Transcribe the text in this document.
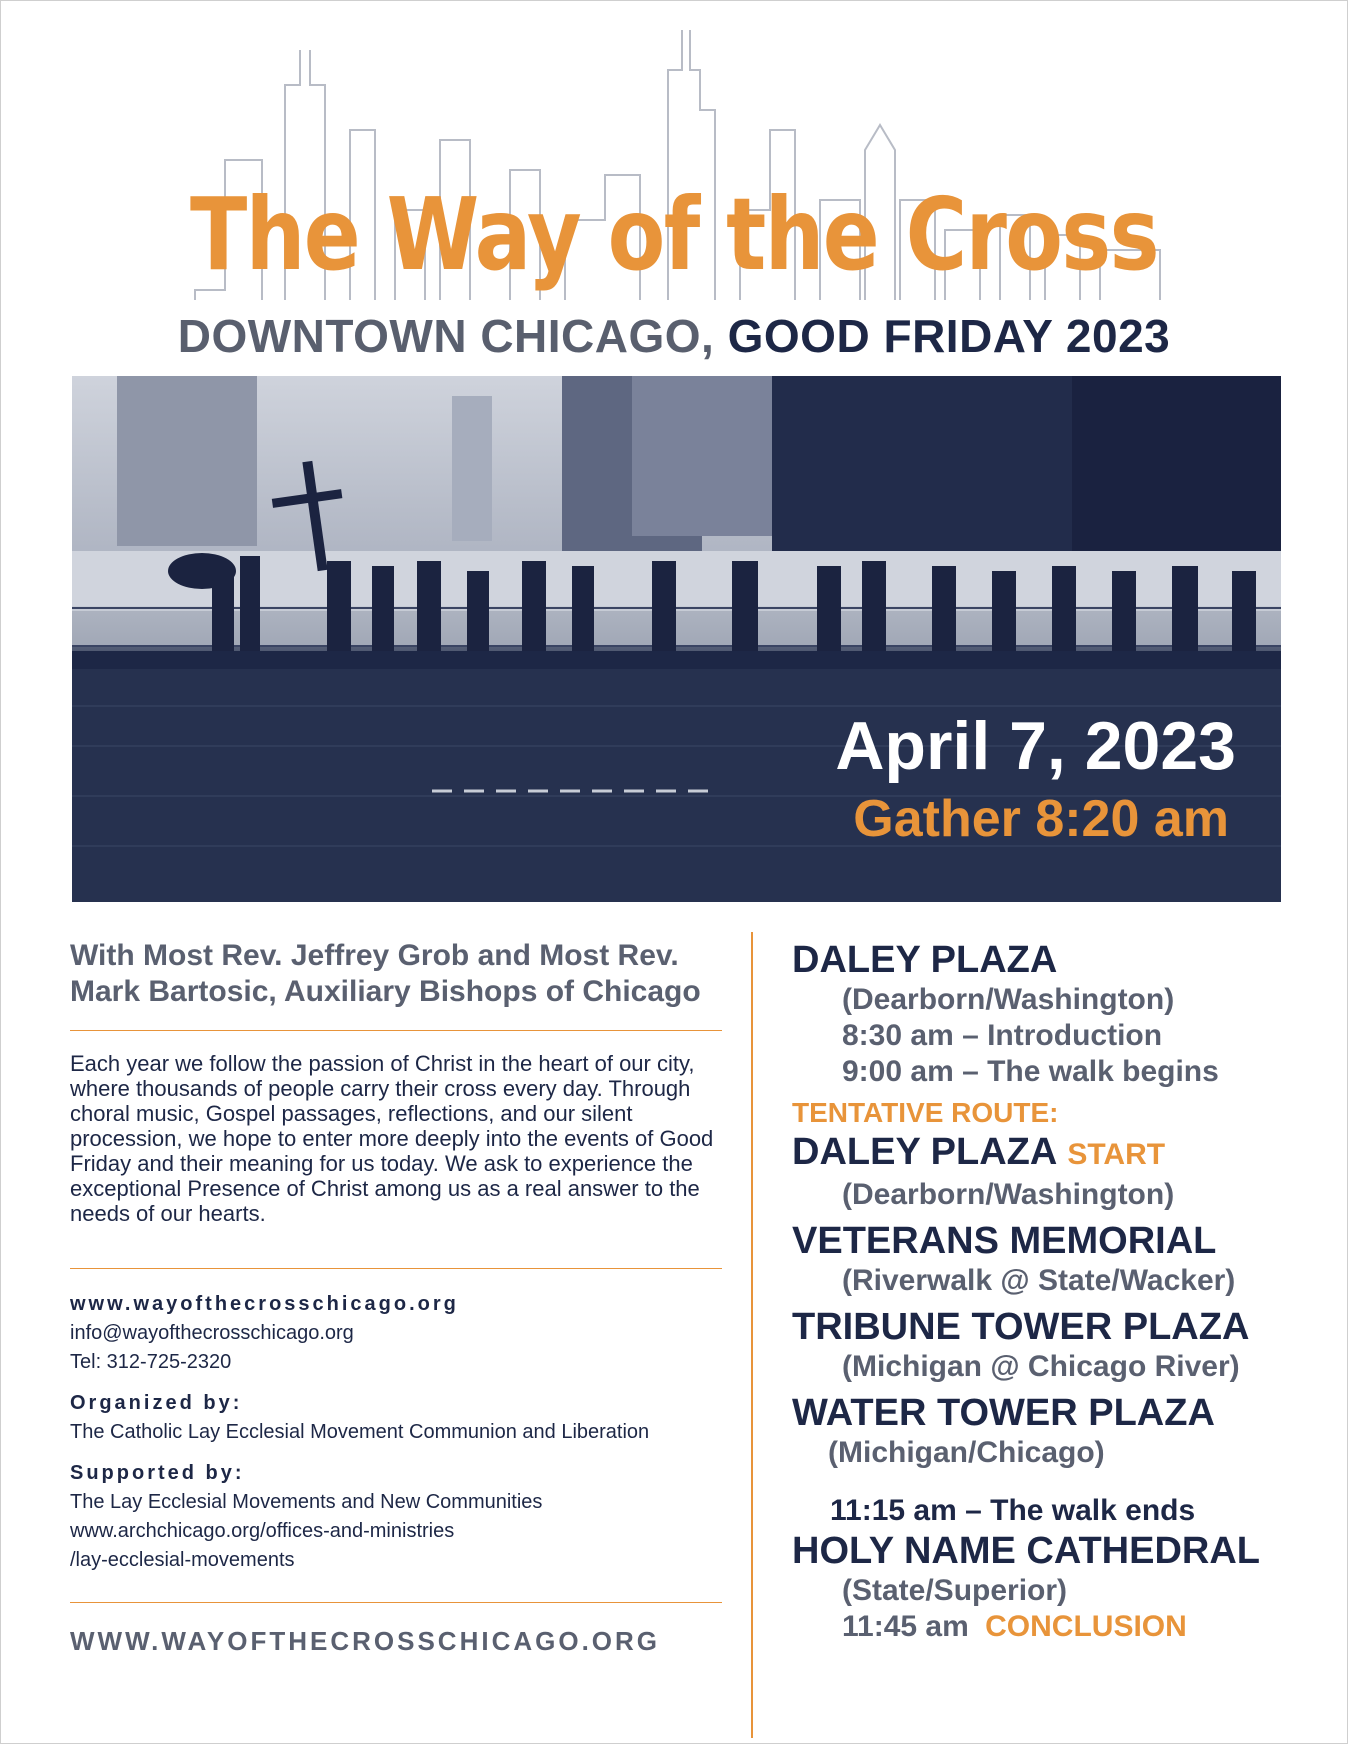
The Way of the Cross
DOWNTOWN CHICAGO, GOOD FRIDAY 2023
April 7, 2023
Gather 8:20 am
With Most Rev. Jeffrey Grob and Most Rev. Mark Bartosic, Auxiliary Bishops of Chicago
Each year we follow the passion of Christ in the heart of our city, where thousands of people carry their cross every day. Through choral music, Gospel passages, reflections, and our silent procession, we hope to enter more deeply into the events of Good Friday and their meaning for us today. We ask to experience the exceptional Presence of Christ among us as a real answer to the needs of our hearts.
www.wayofthecrosschicago.org
info@wayofthecrosschicago.org
Tel: 312-725-2320
Organized by:
The Catholic Lay Ecclesial Movement Communion and Liberation
Supported by:
The Lay Ecclesial Movements and New Communities
www.archchicago.org/offices-and-ministries
/lay-ecclesial-movements
WWW.WAYOFTHECROSSCHICAGO.ORG
DALEY PLAZA
(Dearborn/Washington)
8:30 am – Introduction
9:00 am – The walk begins
TENTATIVE ROUTE:
DALEY PLAZA START
(Dearborn/Washington)
VETERANS MEMORIAL
(Riverwalk @ State/Wacker)
TRIBUNE TOWER PLAZA
(Michigan @ Chicago River)
WATER TOWER PLAZA
(Michigan/Chicago)
11:15 am – The walk ends
HOLY NAME CATHEDRAL
(State/Superior)
11:45 am CONCLUSION
